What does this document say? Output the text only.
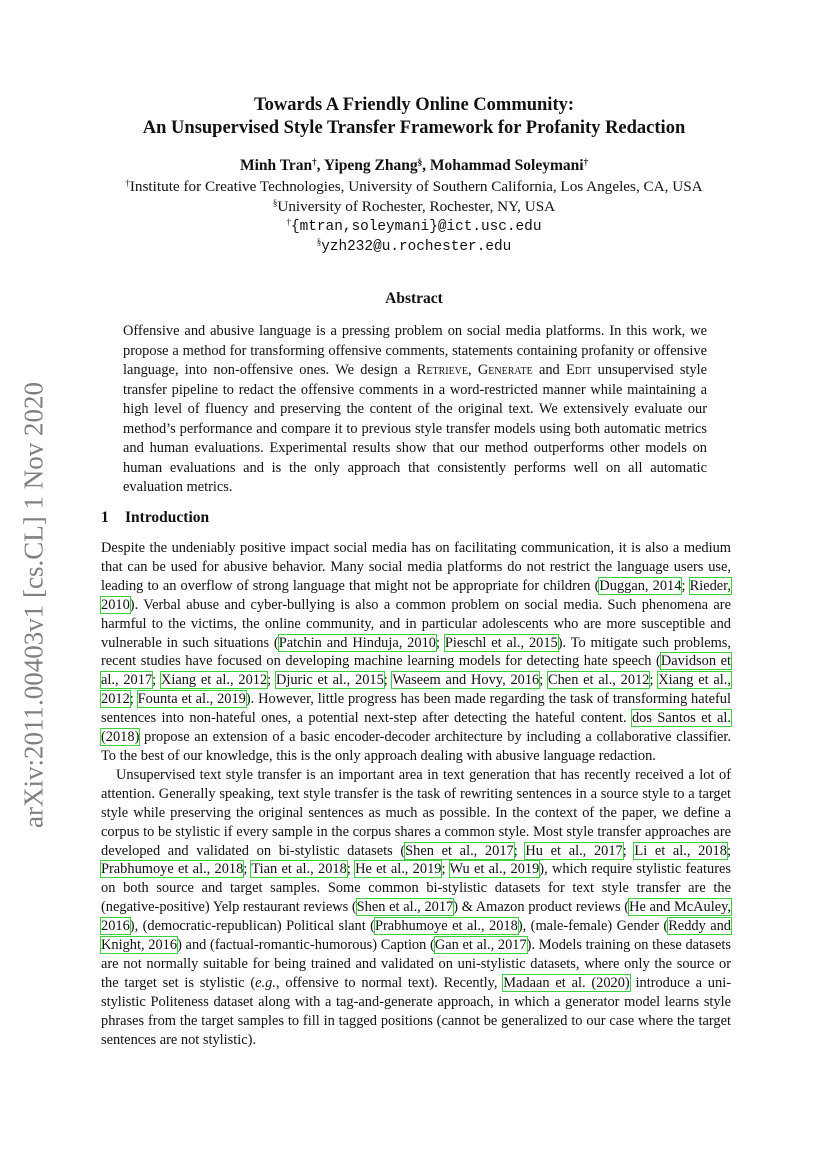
arXiv:2011.00403v1 [cs.CL] 1 Nov 2020
Towards A Friendly Online Community:
An Unsupervised Style Transfer Framework for Profanity Redaction
Minh Tran†, Yipeng Zhang§, Mohammad Soleymani†
†Institute for Creative Technologies, University of Southern California, Los Angeles, CA, USA
§University of Rochester, Rochester, NY, USA
†{mtran,soleymani}@ict.usc.edu
§yzh232@u.rochester.edu
Abstract
Offensive and abusive language is a pressing problem on social media platforms. In this work, we propose a method for transforming offensive comments, statements containing profanity or offensive language, into non-offensive ones. We design a Retrieve, Generate and Edit unsupervised style transfer pipeline to redact the offensive comments in a word-restricted manner while maintaining a high level of fluency and preserving the content of the original text. We extensively evaluate our method’s performance and compare it to previous style transfer models using both automatic metrics and human evaluations. Experimental results show that our method outperforms other models on human evaluations and is the only approach that consistently performs well on all automatic evaluation metrics.
1 Introduction

Despite the undeniably positive impact social media has on facilitating communication, it is also a medium that can be used for abusive behavior. Many social media platforms do not restrict the language users use, leading to an overflow of strong language that might not be appropriate for children (Duggan, 2014; Rieder, 2010). Verbal abuse and cyber-bullying is also a common problem on social media. Such phenomena are harmful to the victims, the online community, and in particular adolescents who are more susceptible and vulnerable in such situations (Patchin and Hinduja, 2010; Pieschl et al., 2015). To mitigate such problems, recent studies have focused on developing machine learning models for detecting hate speech (Davidson et al., 2017; Xiang et al., 2012; Djuric et al., 2015; Waseem and Hovy, 2016; Chen et al., 2012; Xiang et al., 2012; Founta et al., 2019). However, little progress has been made regarding the task of transforming hateful sentences into non-hateful ones, a potential next-step after detecting the hateful content. dos Santos et al. (2018) propose an extension of a basic encoder-decoder architecture by including a collaborative classifier. To the best of our knowledge, this is the only approach dealing with abusive language redaction.

Unsupervised text style transfer is an important area in text generation that has recently received a lot of attention. Generally speaking, text style transfer is the task of rewriting sentences in a source style to a target style while preserving the original sentences as much as possible. In the context of the paper, we define a corpus to be stylistic if every sample in the corpus shares a common style. Most style transfer approaches are developed and validated on bi-stylistic datasets (Shen et al., 2017; Hu et al., 2017; Li et al., 2018; Prabhumoye et al., 2018; Tian et al., 2018; He et al., 2019; Wu et al., 2019), which require stylistic features on both source and target samples. Some common bi-stylistic datasets for text style transfer are the (negative-positive) Yelp restaurant reviews (Shen et al., 2017) & Amazon product reviews (He and McAuley, 2016), (democratic-republican) Political slant (Prabhumoye et al., 2018), (male-female) Gender (Reddy and Knight, 2016) and (factual-romantic-humorous) Caption (Gan et al., 2017). Models training on these datasets are not normally suitable for being trained and validated on uni-stylistic datasets, where only the source or the target set is stylistic (e.g., offensive to normal text). Recently, Madaan et al. (2020) introduce a uni-stylistic Politeness dataset along with a tag-and-generate approach, in which a generator model learns style phrases from the target samples to fill in tagged positions (cannot be generalized to our case where the target sentences are not stylistic).
